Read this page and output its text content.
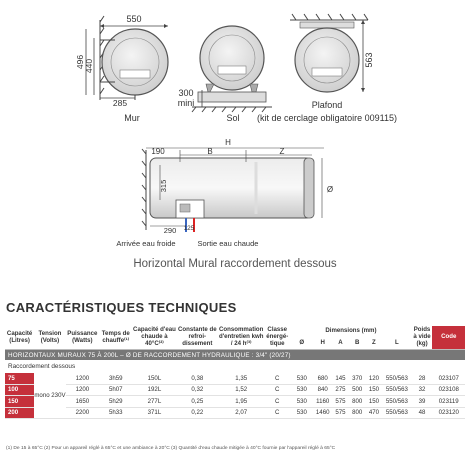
550
496 440
285
Mur
300
mini
Sol
563
Plafond
(kit de cerclage obligatoire 009115)
H
190	B	Z
315	Ø
290 125
Arrivée eau froide	Sortie eau chaude
Horizontal Mural raccordement dessous
CARACTÉRISTIQUES TECHNIQUES
Capacité (Litres)	Tension (Volts)	Puissance (Watts)	Temps de chauffe⁽¹⁾	Capacité d'eau chaude à 40°C⁽²⁾	Constante de refroi-dissement	Consommation d'entretien kwh / 24 h⁽³⁾	Classe énergé-tique	Dimensions (mm)						Poids à vide (kg)	Code
								Ø	H	A	B	Z	L		
HORIZONTAUX MURAUX 75 À 200L – Ø DE RACCORDEMENT HYDRAULIQUE : 3/4" (20/27)															
Raccordement dessous															
75	mono 230V	1200	3h59	150L	0,38	1,35	C	530	680	145	370	120	550/563	28	023107
100		1200	5h07	192L	0,32	1,52	C	530	840	275	500	150	550/563	32	023108
150		1650	5h29	277L	0,25	1,95	C	530	1160	575	800	150	550/563	39	023119
200		2200	5h33	371L	0,22	2,07	C	530	1460	575	800	470	550/563	48	023120
(1) De 15 à 65°C (2) Pour un appareil réglé à 65°C et une ambiance à 20°C (3) Quantité d'eau chaude mitigée à 40°C fournie par l'appareil réglé à 65°C
